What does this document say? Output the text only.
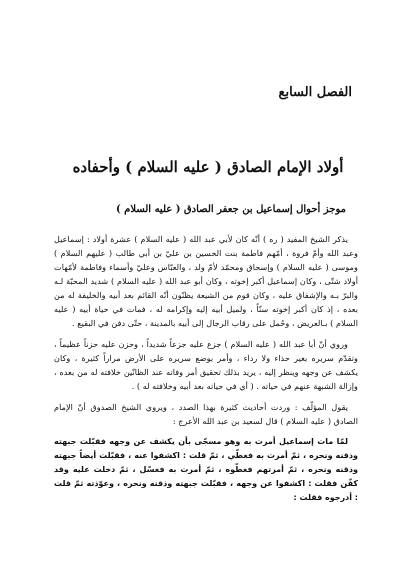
الفصل السابع
أولاد الإمام الصادق ( عليه السلام ) وأحفاده
موجز أحوال إسماعيل بن جعفر الصادق ( عليه السلام )

يذكر الشيخ المفيد ( ره ) أنّه كان لأبي عبد الله ( عليه السلام ) عشرة أولاد : إسماعيل وعبد الله وأمّ فروة ، أمّهم فاطمة بنت الحسين بن عليّ بن أبي طالب ( عليهم السلام ) وموسى ( عليه السلام ) وإسحاق ومحمّد لأمّ ولد ، والعبّاس وعليّ وأسماء وفاطمة لأمّهات أولاد شتّى ، وكان إسماعيل أكبر إخوته ، وكان أبو عبد الله ( عليه السلام ) شديد المحبّة لـه والبرّ بـه والإشفاق عليه ، وكان قوم من الشيعة يظنّون أنّه القائم بعد أبيه والخليفة له من بعده ، إذ كان أكبر إخوته سنّاً ، ولميل أبيه إليه وإكرامه له ، فمات في حياة أبيه ( عليه السلام ) بـالعريض ، وحُمل على رقاب الرجال إلى أبيه بالمدينة ، حتّى دفن في البقيع .

وروي أنّ أبا عبد الله ( عليه السلام ) جزع عليه جزعاً شديداً ، وحزن عليه حزناً عظيماً ، وتقدّم سريره بغير حذاء ولا رداء ، وأمر بوضع سريره على الأرض مراراً كثيرة ، وكان يكشف عن وجهه وينظر إليه ، يريد بذلك تحقيق أمر وفاته عند الظانّين خلافته له من بعده ، وإزالة الشبهة عنهم في حياته . ( أي في حياته بعد أبيه وخلافته له ) .

يقول المؤلّف : وردت أحاديث كثيرة بهذا الصدد ، ويروي الشيخ الصدوق أنّ الإمام الصادق ( عليه السلام ) قال لسعيد بن عبد الله الأعرج :

لمّا مات إسماعيل أمرت به وهو مسجّى بأن يكشف عن وجهه فقبّلت جبهته وذقنه ونحره ، ثمّ أمرت به فغطّي ، ثمّ قلت : اكشفوا عنه ، فقبّلت أيضاً جبهته وذقنه ونحره ، ثمّ أمرتهم فغطّوه ، ثمّ أمرت به فغسّل ، ثمّ دخلت عليه وقد كفّن فقلت : اكشفوا عن وجهه ، فقبّلت جبهته وذقنه ونحره ، وعوّذته ثمّ قلت : أدرجوه فقلت :
